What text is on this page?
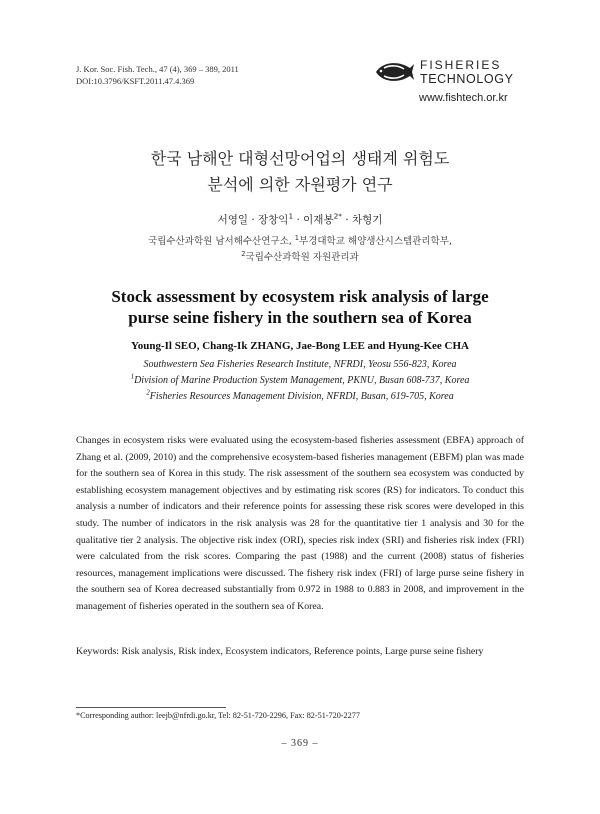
J. Kor. Soc. Fish. Tech., 47 (4), 369 – 389, 2011
DOI:10.3796/KSFT.2011.47.4.369
FISHERIES
TECHNOLOGY
www.fishtech.or.kr
한국 남해안 대형선망어업의 생태계 위험도
분석에 의한 자원평가 연구
서영일 · 장창익$^1$ · 이재봉$^{2*}$ · 차형기
국립수산과학원 남서해수산연구소, $^1$부경대학교 해양생산시스템관리학부,
$^2$국립수산과학원 자원관리과
Stock assessment by ecosystem risk analysis of large
purse seine fishery in the southern sea of Korea
Young-Il SEO, Chang-Ik ZHANG, Jae-Bong LEE and Hyung-Kee CHA
Southwestern Sea Fisheries Research Institute, NFRDI, Yeosu 556-823, Korea
$^1$Division of Marine Production System Management, PKNU, Busan 608-737, Korea
$^2$Fisheries Resources Management Division, NFRDI, Busan, 619-705, Korea
Changes in ecosystem risks were evaluated using the ecosystem-based fisheries assessment (EBFA) approach of Zhang et al. (2009, 2010) and the comprehensive ecosystem-based fisheries management (EBFM) plan was made for the southern sea of Korea in this study. The risk assessment of the southern sea ecosystem was conducted by establishing ecosystem management objectives and by estimating risk scores (RS) for indicators. To conduct this analysis a number of indicators and their reference points for assessing these risk scores were developed in this study. The number of indicators in the risk analysis was 28 for the quantitative tier 1 analysis and 30 for the qualitative tier 2 analysis. The objective risk index (ORI), species risk index (SRI) and fisheries risk index (FRI) were calculated from the risk scores. Comparing the past (1988) and the current (2008) status of fisheries resources, management implications were discussed. The fishery risk index (FRI) of large purse seine fishery in the southern sea of Korea decreased substantially from 0.972 in 1988 to 0.883 in 2008, and improvement in the management of fisheries operated in the southern sea of Korea.
Keywords: Risk analysis, Risk index, Ecosystem indicators, Reference points, Large purse seine fishery
*Corresponding author: leejb@nfrdi.go.kr, Tel: 82-51-720-2296, Fax: 82-51-720-2277
– 369 –
